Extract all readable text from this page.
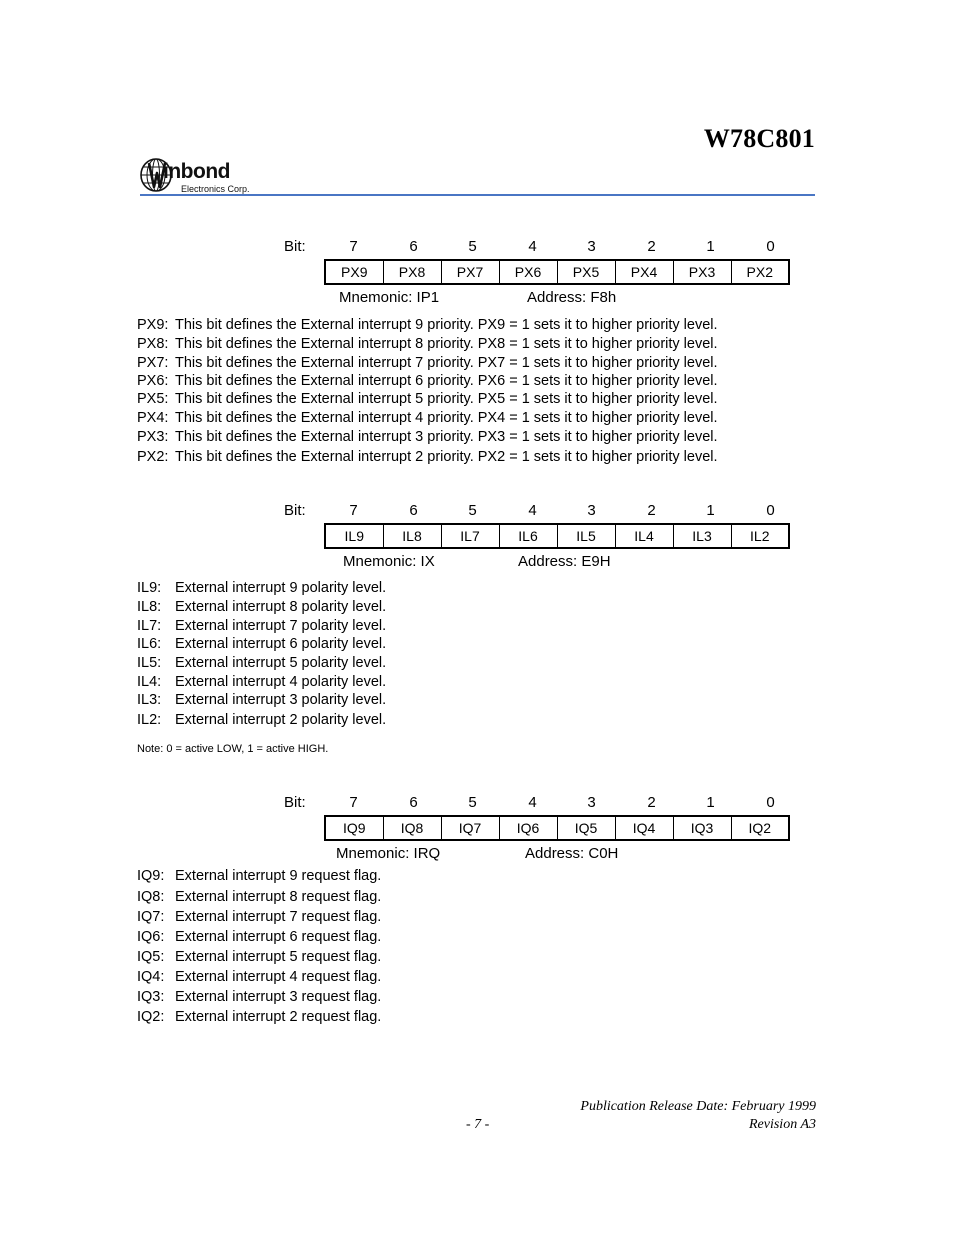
W78C801
inbond
Electronics Corp.
Bit:	7	6	5	4	3	2	1	0
PX9	PX8	PX7	PX6	PX5	PX4	PX3	PX2
Mnemonic: IP1	Address: F8h
PX9: This bit defines the External interrupt 9 priority. PX9 = 1 sets it to higher priority level.
PX8: This bit defines the External interrupt 8 priority. PX8 = 1 sets it to higher priority level.
PX7: This bit defines the External interrupt 7 priority. PX7 = 1 sets it to higher priority level.
PX6: This bit defines the External interrupt 6 priority. PX6 = 1 sets it to higher priority level.
PX5: This bit defines the External interrupt 5 priority. PX5 = 1 sets it to higher priority level.
PX4: This bit defines the External interrupt 4 priority. PX4 = 1 sets it to higher priority level.
PX3: This bit defines the External interrupt 3 priority. PX3 = 1 sets it to higher priority level.
PX2: This bit defines the External interrupt 2 priority. PX2 = 1 sets it to higher priority level.
Bit:	7	6	5	4	3	2	1	0
IL9	IL8	IL7	IL6	IL5	IL4	IL3	IL2
Mnemonic: IX	Address: E9H
IL9: External interrupt 9 polarity level.
IL8: External interrupt 8 polarity level.
IL7: External interrupt 7 polarity level.
IL6: External interrupt 6 polarity level.
IL5: External interrupt 5 polarity level.
IL4: External interrupt 4 polarity level.
IL3: External interrupt 3 polarity level.
IL2: External interrupt 2 polarity level.
Note: 0 = active LOW, 1 = active HIGH.
Bit:	7	6	5	4	3	2	1	0
IQ9	IQ8	IQ7	IQ6	IQ5	IQ4	IQ3	IQ2
Mnemonic: IRQ	Address: C0H
IQ9: External interrupt 9 request flag.
IQ8: External interrupt 8 request flag.
IQ7: External interrupt 7 request flag.
IQ6: External interrupt 6 request flag.
IQ5: External interrupt 5 request flag.
IQ4: External interrupt 4 request flag.
IQ3: External interrupt 3 request flag.
IQ2: External interrupt 2 request flag.
Publication Release Date: February 1999
- 7 -	Revision A3
